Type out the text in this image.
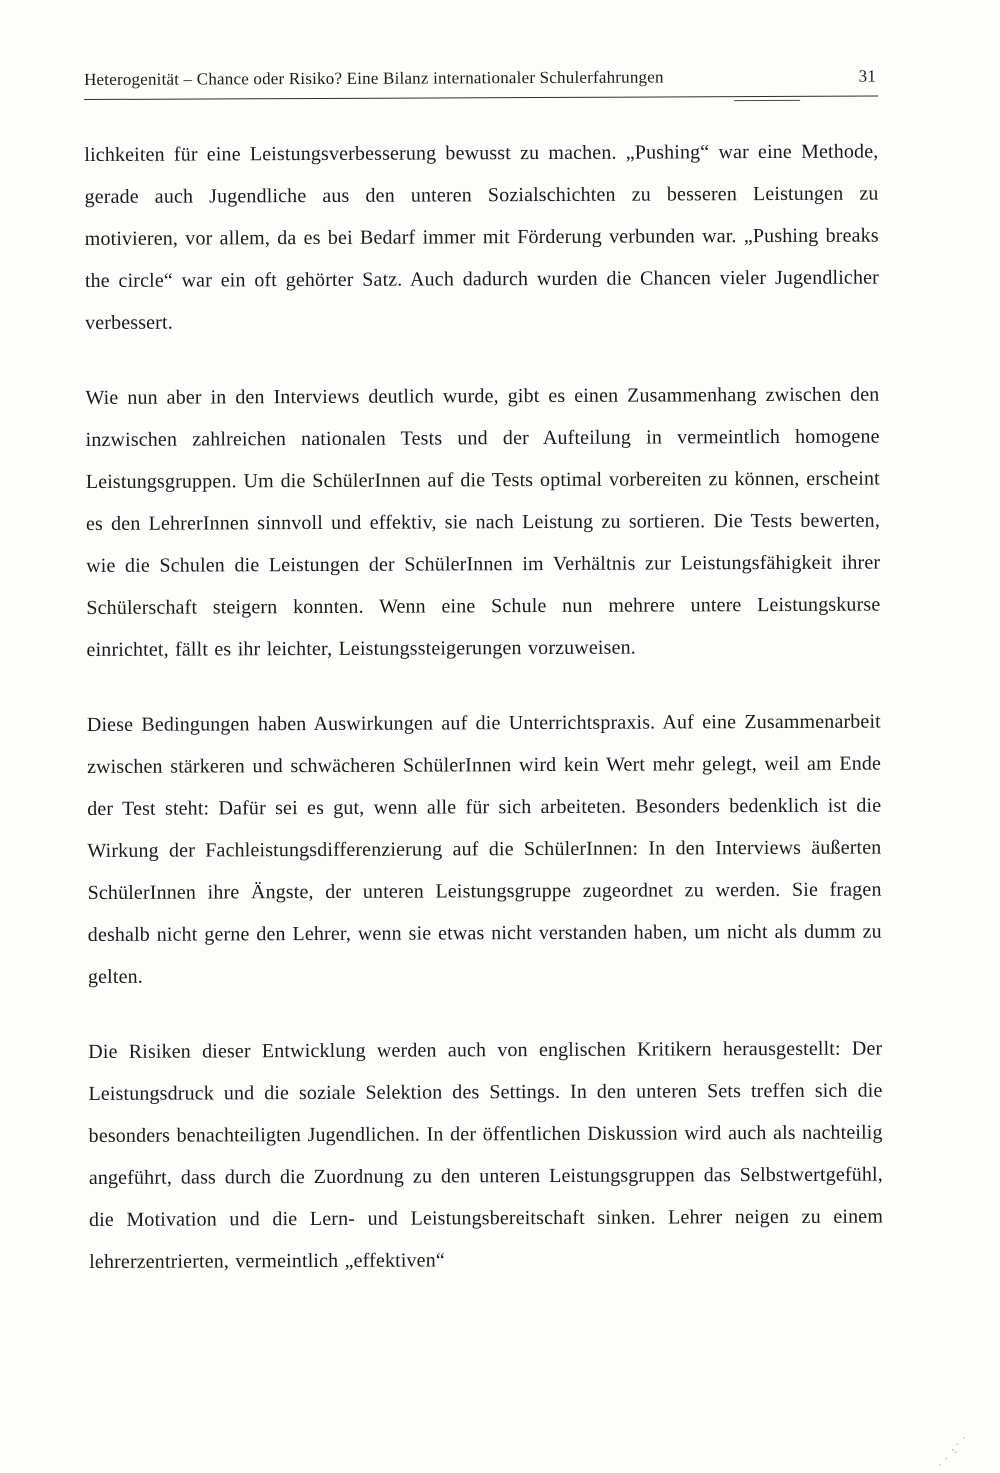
Heterogenität – Chance oder Risiko? Eine Bilanz internationaler Schulerfahrungen	31

lichkeiten für eine Leistungsverbesserung bewusst zu machen. „Pushing“ war eine Methode, gerade auch Jugendliche aus den unteren Sozialschichten zu besseren Leistungen zu motivieren, vor allem, da es bei Bedarf immer mit Förderung verbunden war. „Pushing breaks the circle“ war ein oft gehörter Satz. Auch dadurch wurden die Chancen vieler Jugendlicher verbessert.

Wie nun aber in den Interviews deutlich wurde, gibt es einen Zusammenhang zwischen den inzwischen zahlreichen nationalen Tests und der Aufteilung in vermeintlich homogene Leistungsgruppen. Um die SchülerInnen auf die Tests optimal vorbereiten zu können, erscheint es den LehrerInnen sinnvoll und effektiv, sie nach Leistung zu sortieren. Die Tests bewerten, wie die Schulen die Leistungen der SchülerInnen im Verhältnis zur Leistungsfähigkeit ihrer Schülerschaft steigern konnten. Wenn eine Schule nun mehrere untere Leistungskurse einrichtet, fällt es ihr leichter, Leistungssteigerungen vorzuweisen.

Diese Bedingungen haben Auswirkungen auf die Unterrichtspraxis. Auf eine Zusammenarbeit zwischen stärkeren und schwächeren SchülerInnen wird kein Wert mehr gelegt, weil am Ende der Test steht: Dafür sei es gut, wenn alle für sich arbeiteten. Besonders bedenklich ist die Wirkung der Fachleistungsdifferenzierung auf die SchülerInnen: In den Interviews äußerten SchülerInnen ihre Ängste, der unteren Leistungsgruppe zugeordnet zu werden. Sie fragen deshalb nicht gerne den Lehrer, wenn sie etwas nicht verstanden haben, um nicht als dumm zu gelten.

Die Risiken dieser Entwicklung werden auch von englischen Kritikern herausgestellt: Der Leistungsdruck und die soziale Selektion des Settings. In den unteren Sets treffen sich die besonders benachteiligten Jugendlichen. In der öffentlichen Diskussion wird auch als nachteilig angeführt, dass durch die Zuordnung zu den unteren Leistungsgruppen das Selbstwertgefühl, die Motivation und die Lern- und Leistungsbereitschaft sinken. Lehrer neigen zu einem lehrerzentrierten, vermeintlich „effektiven“
